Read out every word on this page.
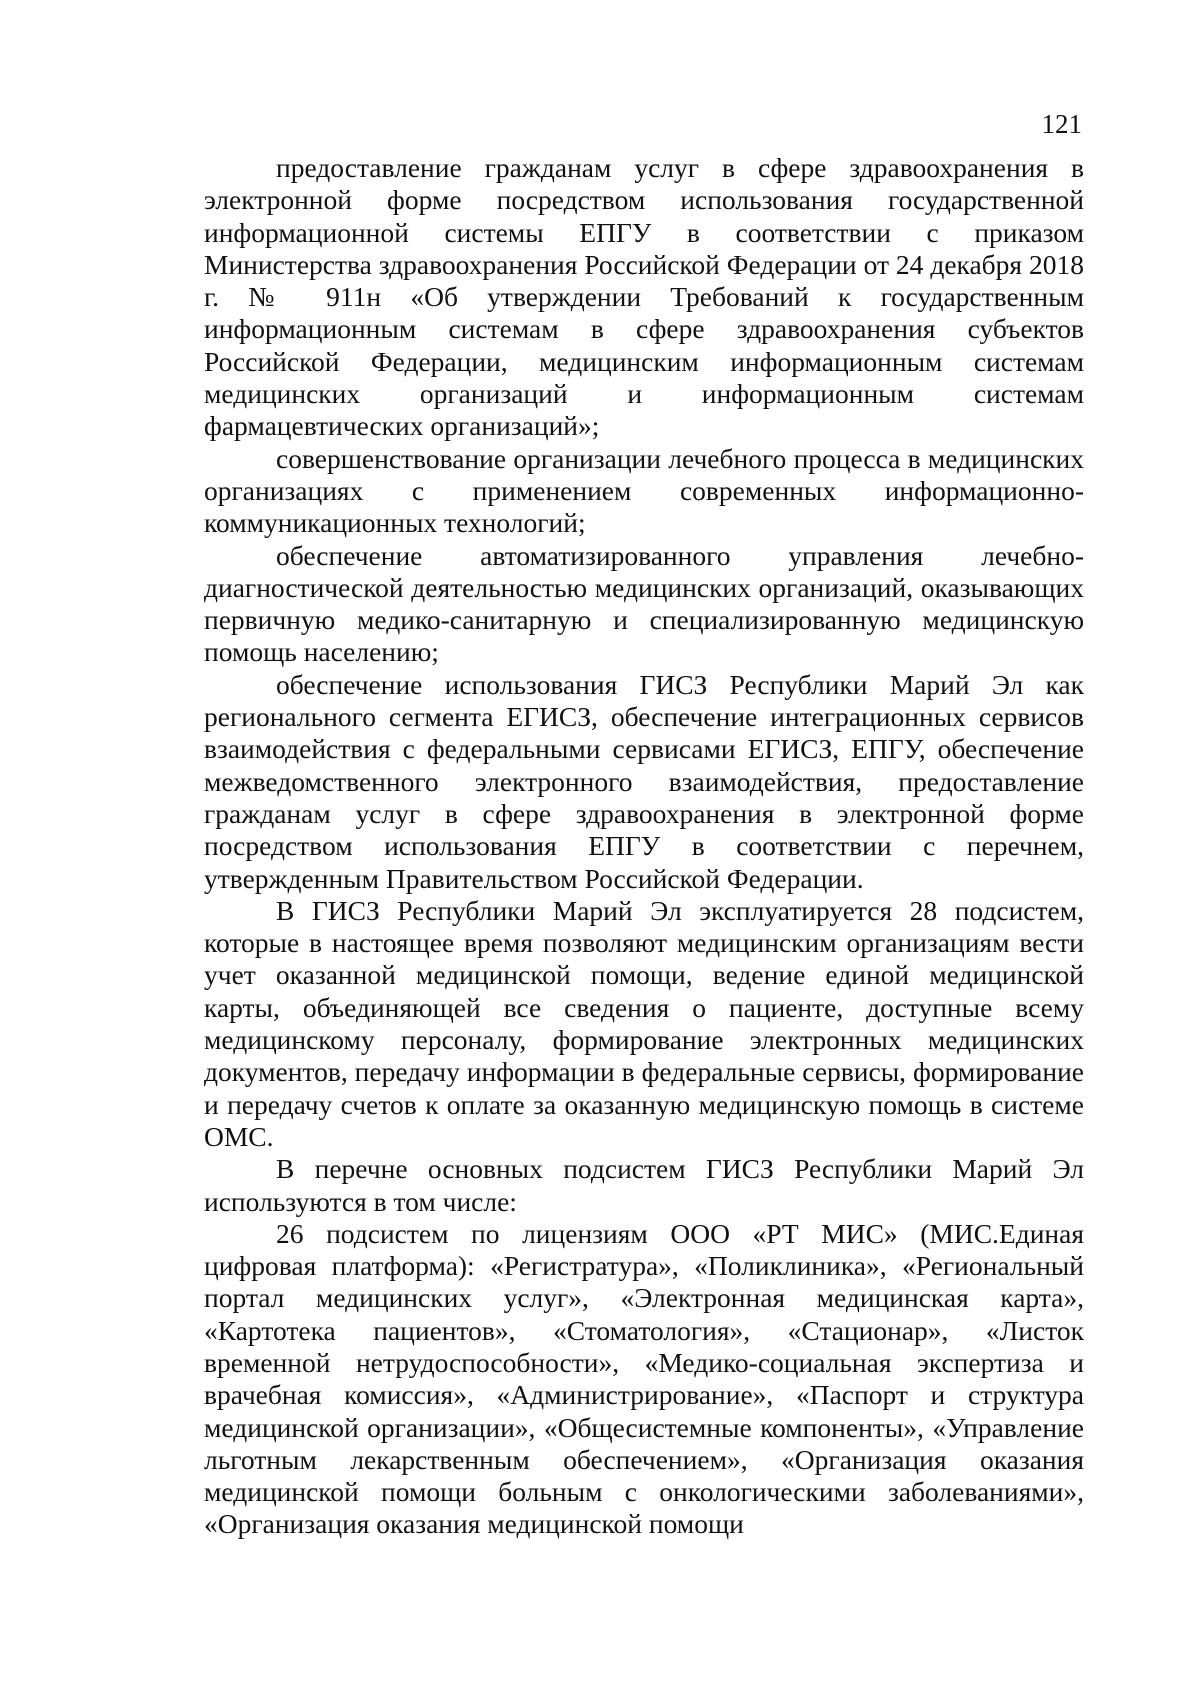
121

предоставление гражданам услуг в сфере здравоохранения в электронной форме посредством использования государственной информационной системы ЕПГУ в соответствии с приказом Министерства здравоохранения Российской Федерации от 24 декабря 2018 г. № 911н «Об утверждении Требований к государственным информационным системам в сфере здравоохранения субъектов Российской Федерации, медицинским информационным системам медицинских организаций и информационным системам фармацевтических организаций»;

совершенствование организации лечебного процесса в медицинских организациях с применением современных информационно-коммуникационных технологий;

обеспечение автоматизированного управления лечебно-диагностической деятельностью медицинских организаций, оказывающих первичную медико-санитарную и специализированную медицинскую помощь населению;

обеспечение использования ГИСЗ Республики Марий Эл как регионального сегмента ЕГИСЗ, обеспечение интеграционных сервисов взаимодействия с федеральными сервисами ЕГИСЗ, ЕПГУ, обеспечение межведомственного электронного взаимодействия, предоставление гражданам услуг в сфере здравоохранения в электронной форме посредством использования ЕПГУ в соответствии с перечнем, утвержденным Правительством Российской Федерации.

В ГИСЗ Республики Марий Эл эксплуатируется 28 подсистем, которые в настоящее время позволяют медицинским организациям вести учет оказанной медицинской помощи, ведение единой медицинской карты, объединяющей все сведения о пациенте, доступные всему медицинскому персоналу, формирование электронных медицинских документов, передачу информации в федеральные сервисы, формирование и передачу счетов к оплате за оказанную медицинскую помощь в системе ОМС.

В перечне основных подсистем ГИСЗ Республики Марий Эл используются в том числе:

26 подсистем по лицензиям ООО «РТ МИС» (МИС.Единая цифровая платформа): «Регистратура», «Поликлиника», «Региональный портал медицинских услуг», «Электронная медицинская карта», «Картотека пациентов», «Стоматология», «Стационар», «Листок временной нетрудоспособности», «Медико-социальная экспертиза и врачебная комиссия», «Администрирование», «Паспорт и структура медицинской организации», «Общесистемные компоненты», «Управление льготным лекарственным обеспечением», «Организация оказания медицинской помощи больным с онкологическими заболеваниями», «Организация оказания медицинской помощи
